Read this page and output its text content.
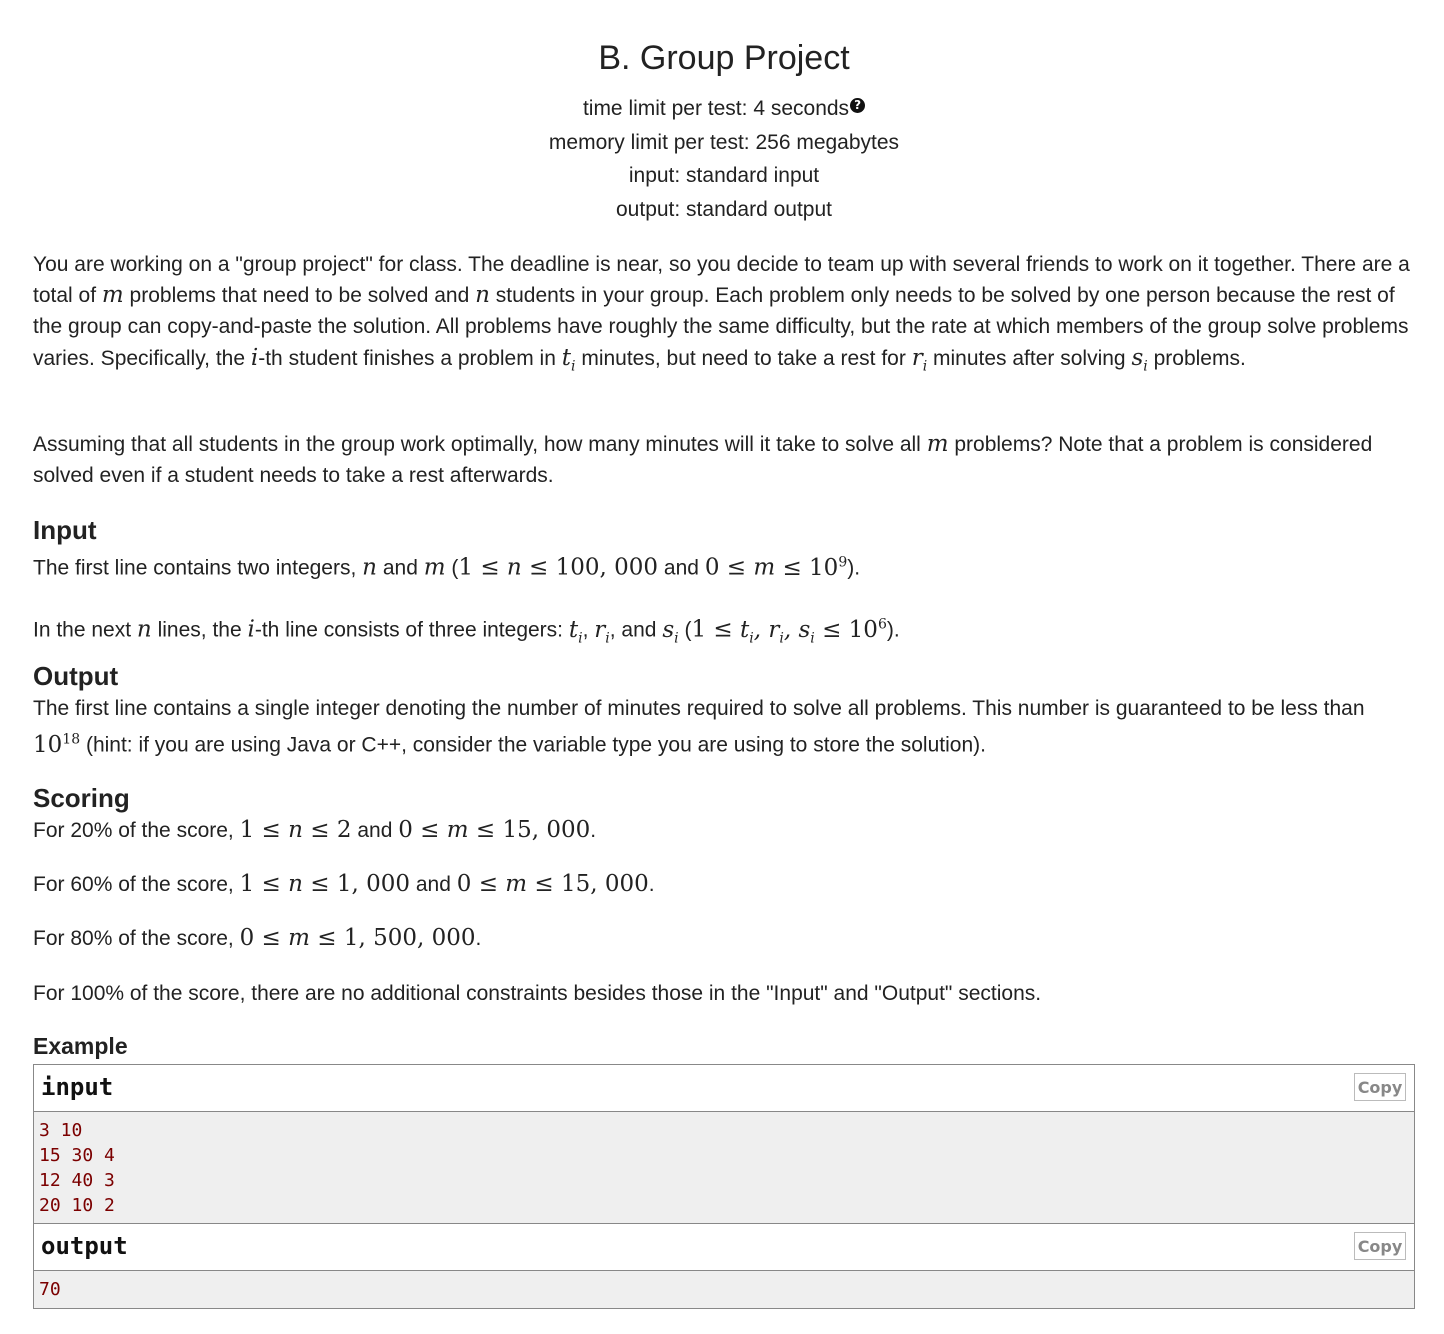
B. Group Project
time limit per test: 4 seconds ?
memory limit per test: 256 megabytes
input: standard input
output: standard output

You are working on a "group project" for class. The deadline is near, so you decide to team up with several friends to work on it together. There are a total of m problems that need to be solved and n students in your group. Each problem only needs to be solved by one person because the rest of the group can copy-and-paste the solution. All problems have roughly the same difficulty, but the rate at which members of the group solve problems varies. Specifically, the i-th student finishes a problem in $t_i$ minutes, but need to take a rest for $r_i$ minutes after solving $s_i$ problems.

Assuming that all students in the group work optimally, how many minutes will it take to solve all m problems? Note that a problem is considered solved even if a student needs to take a rest afterwards.

Input

The first line contains two integers, n and m (1 ≤ n ≤ 100, 000 and $0 \le m \le 10^9$).

In the next n lines, the i-th line consists of three integers: $t_i$, $r_i$, and $s_i$ ($1 \le t_i$, $r_i$, $s_i \le 10^6$).

Output

The first line contains a single integer denoting the number of minutes required to solve all problems. This number is guaranteed to be less than $10^{18}$ (hint: if you are using Java or C++, consider the variable type you are using to store the solution).

Scoring

For 20% of the score, 1 ≤ n ≤ 2 and 0 ≤ m ≤ 15, 000.

For 60% of the score, 1 ≤ n ≤ 1, 000 and 0 ≤ m ≤ 15, 000.

For 80% of the score, 0 ≤ m ≤ 1, 500, 000.

For 100% of the score, there are no additional constraints besides those in the "Input" and "Output" sections.

Example
input	Copy
3 10
15 30 4
12 40 3
20 10 2
output	Copy
70
